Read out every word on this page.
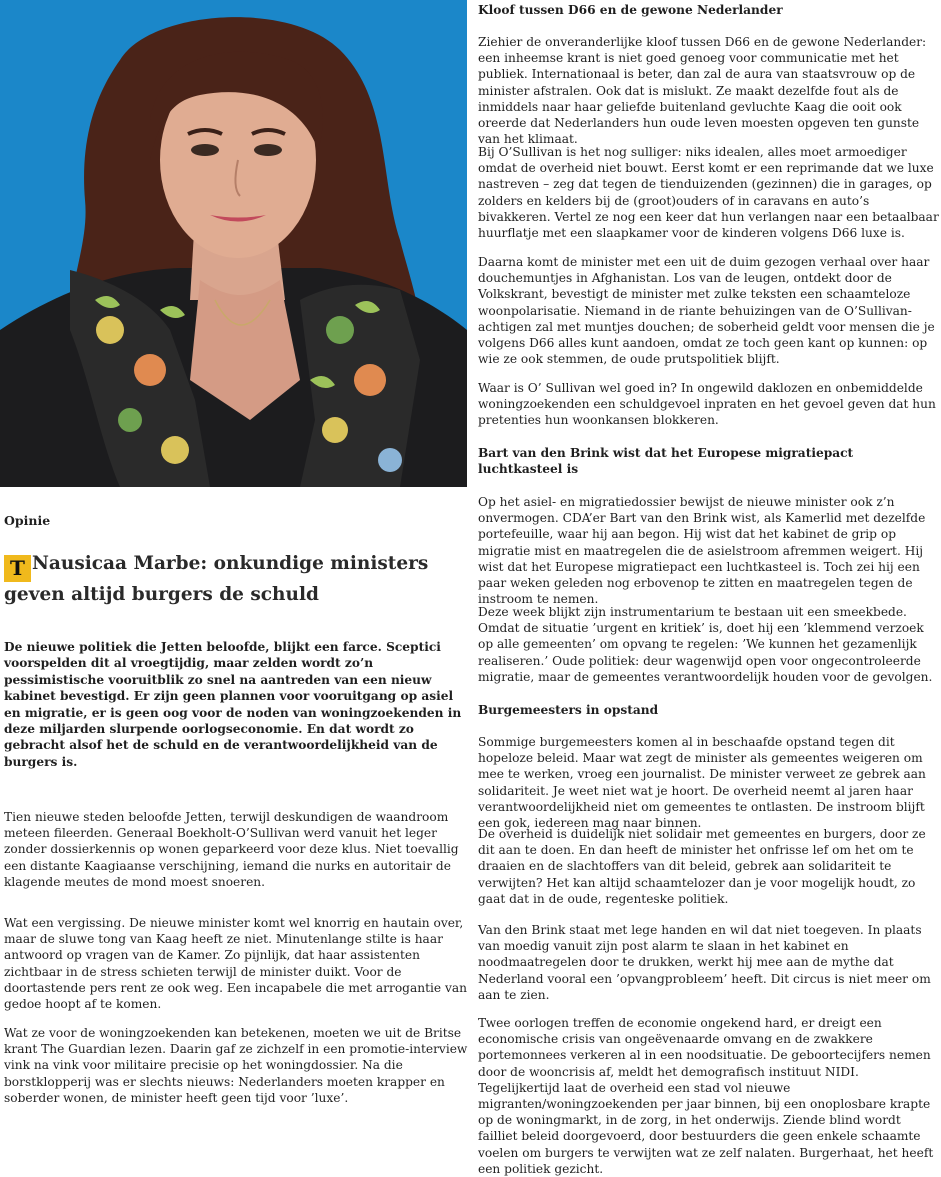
Opinie
T Nausicaa Marbe: onkundige ministers geven altijd burgers de schuld

De nieuwe politiek die Jetten beloofde, blijkt een farce. Sceptici voorspelden dit al vroegtijdig, maar zelden wordt zo’n pessimistische vooruitblik zo snel na aantreden van een nieuw kabinet bevestigd. Er zijn geen plannen voor vooruitgang op asiel en migratie, er is geen oog voor de noden van woningzoekenden in deze miljarden slurpende oorlogseconomie. En dat wordt zo gebracht alsof het de schuld en de verantwoordelijkheid van de burgers is.

Tien nieuwe steden beloofde Jetten, terwijl deskundigen de waandroom meteen fileerden. Generaal Boekholt-O’Sullivan werd vanuit het leger zonder dossierkennis op wonen geparkeerd voor deze klus. Niet toevallig een distante Kaagiaanse verschijning, iemand die nurks en autoritair de klagende meutes de mond moest snoeren.

Wat een vergissing. De nieuwe minister komt wel knorrig en hautain over, maar de sluwe tong van Kaag heeft ze niet. Minutenlange stilte is haar antwoord op vragen van de Kamer. Zo pijnlijk, dat haar assistenten zichtbaar in de stress schieten terwijl de minister duikt. Voor de doortastende pers rent ze ook weg. Een incapabele die met arrogantie van gedoe hoopt af te komen.

Wat ze voor de woningzoekenden kan betekenen, moeten we uit de Britse krant The Guardian lezen. Daarin gaf ze zichzelf in een promotie-interview vink na vink voor militaire precisie op het woningdossier. Na die borstklopperij was er slechts nieuws: Nederlanders moeten krapper en soberder wonen, de minister heeft geen tijd voor ’luxe’.

Kloof tussen D66 en de gewone Nederlander

Ziehier de onveranderlijke kloof tussen D66 en de gewone Nederlander: een inheemse krant is niet goed genoeg voor communicatie met het publiek. Internationaal is beter, dan zal de aura van staatsvrouw op de minister afstralen. Ook dat is mislukt. Ze maakt dezelfde fout als de inmiddels naar haar geliefde buitenland gevluchte Kaag die ooit ook oreerde dat Nederlanders hun oude leven moesten opgeven ten gunste van het klimaat.

Bij O’Sullivan is het nog sulliger: niks idealen, alles moet armoediger omdat de overheid niet bouwt. Eerst komt er een reprimande dat we luxe nastreven – zeg dat tegen de tienduizenden (gezinnen) die in garages, op zolders en kelders bij de (groot)ouders of in caravans en auto’s bivakkeren. Vertel ze nog een keer dat hun verlangen naar een betaalbaar huurflatje met een slaapkamer voor de kinderen volgens D66 luxe is.

Daarna komt de minister met een uit de duim gezogen verhaal over haar douchemuntjes in Afghanistan. Los van de leugen, ontdekt door de Volkskrant, bevestigt de minister met zulke teksten een schaamteloze woonpolarisatie. Niemand in de riante behuizingen van de O’Sullivan-achtigen zal met muntjes douchen; de soberheid geldt voor mensen die je volgens D66 alles kunt aandoen, omdat ze toch geen kant op kunnen: op wie ze ook stemmen, de oude prutspolitiek blijft.

Waar is O’ Sullivan wel goed in? In ongewild daklozen en onbemiddelde woningzoekenden een schuldgevoel inpraten en het gevoel geven dat hun pretenties hun woonkansen blokkeren.

Bart van den Brink wist dat het Europese migratiepact luchtkasteel is

Op het asiel- en migratiedossier bewijst de nieuwe minister ook z’n onvermogen. CDA’er Bart van den Brink wist, als Kamerlid met dezelfde portefeuille, waar hij aan begon. Hij wist dat het kabinet de grip op migratie mist en maatregelen die de asielstroom afremmen weigert. Hij wist dat het Europese migratiepact een luchtkasteel is. Toch zei hij een paar weken geleden nog erbovenop te zitten en maatregelen tegen de instroom te nemen.

Deze week blijkt zijn instrumentarium te bestaan uit een smeekbede. Omdat de situatie ’urgent en kritiek’ is, doet hij een ’klemmend verzoek op alle gemeenten’ om opvang te regelen: ’We kunnen het gezamenlijk realiseren.’ Oude politiek: deur wagenwijd open voor ongecontroleerde migratie, maar de gemeentes verantwoordelijk houden voor de gevolgen.

Burgemeesters in opstand

Sommige burgemeesters komen al in beschaafde opstand tegen dit hopeloze beleid. Maar wat zegt de minister als gemeentes weigeren om mee te werken, vroeg een journalist. De minister verweet ze gebrek aan solidariteit. Je weet niet wat je hoort. De overheid neemt al jaren haar verantwoordelijkheid niet om gemeentes te ontlasten. De instroom blijft een gok, iedereen mag naar binnen.

De overheid is duidelijk niet solidair met gemeentes en burgers, door ze dit aan te doen. En dan heeft de minister het onfrisse lef om het om te draaien en de slachtoffers van dit beleid, gebrek aan solidariteit te verwijten? Het kan altijd schaamtelozer dan je voor mogelijk houdt, zo gaat dat in de oude, regenteske politiek.

Van den Brink staat met lege handen en wil dat niet toegeven. In plaats van moedig vanuit zijn post alarm te slaan in het kabinet en noodmaatregelen door te drukken, werkt hij mee aan de mythe dat Nederland vooral een ’opvangprobleem’ heeft. Dit circus is niet meer om aan te zien.

Twee oorlogen treffen de economie ongekend hard, er dreigt een economische crisis van ongeëvenaarde omvang en de zwakkere portemonnees verkeren al in een noodsituatie. De geboortecijfers nemen door de wooncrisis af, meldt het demografisch instituut NIDI. Tegelijkertijd laat de overheid een stad vol nieuwe migranten/woningzoekenden per jaar binnen, bij een onoplosbare krapte op de woningmarkt, in de zorg, in het onderwijs. Ziende blind wordt failliet beleid doorgevoerd, door bestuurders die geen enkele schaamte voelen om burgers te verwijten wat ze zelf nalaten. Burgerhaat, het heeft een politiek gezicht.
